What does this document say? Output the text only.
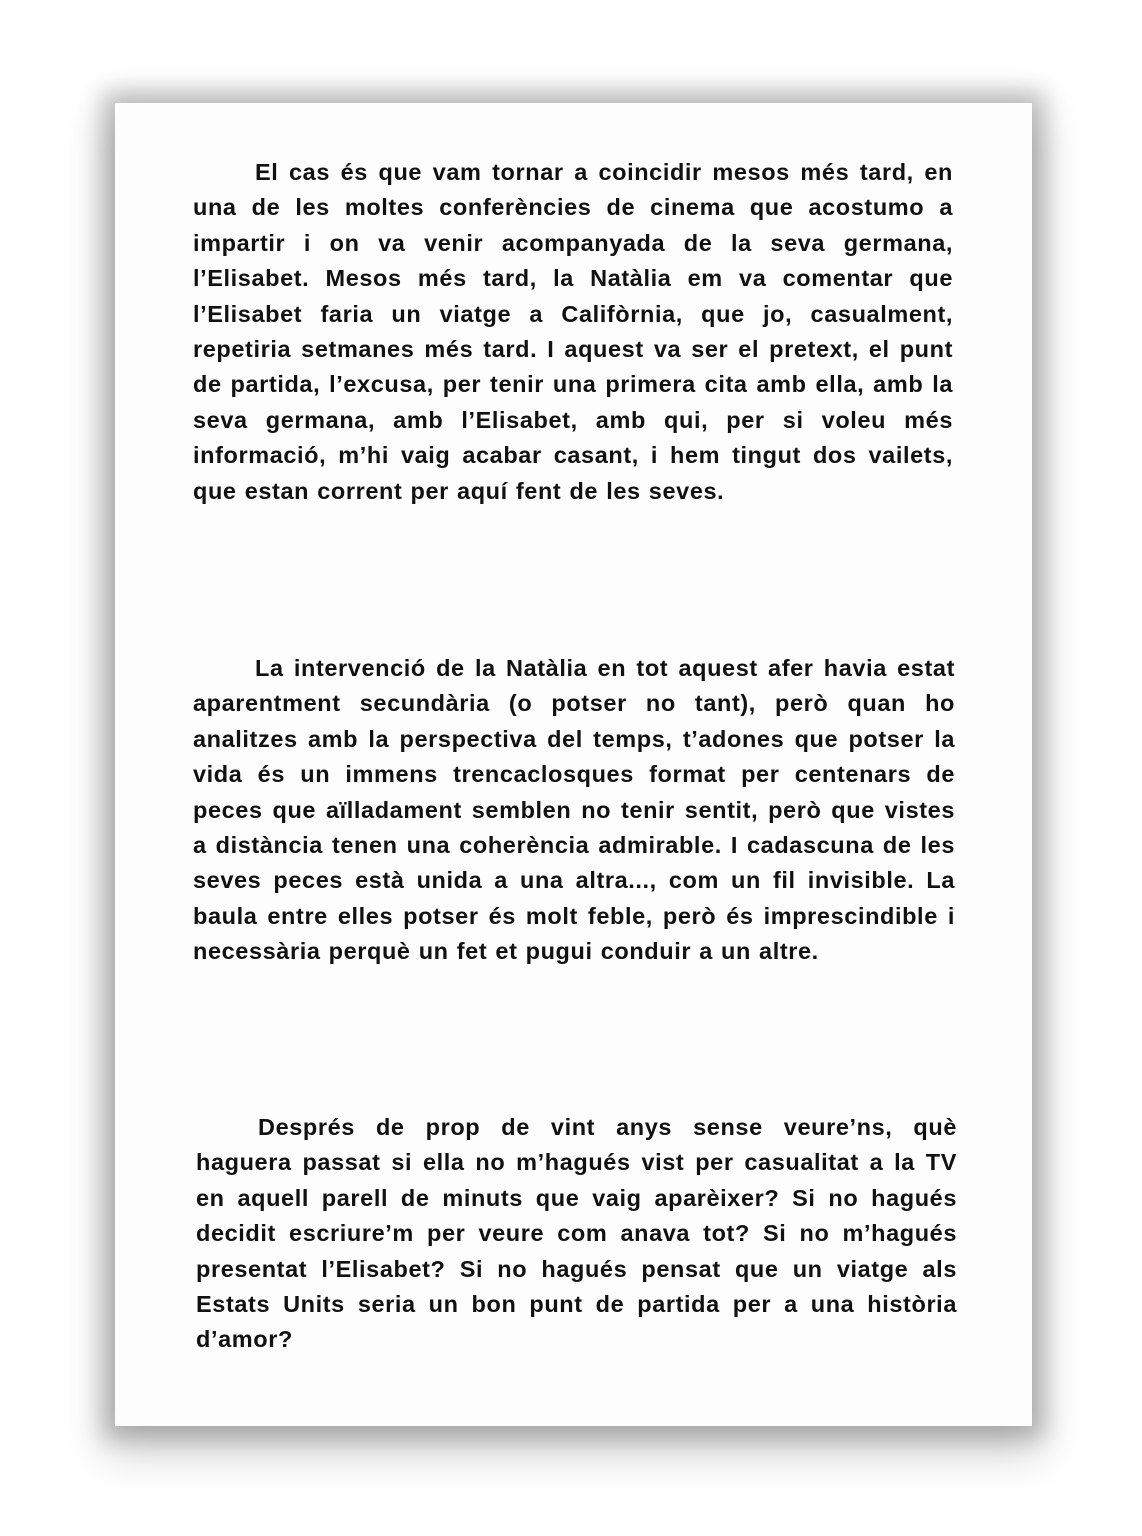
El cas és que vam tornar a coincidir mesos més tard, en una de les moltes conferències de cinema que acostumo a impartir i on va venir acompanyada de la seva germana, l’Elisabet. Mesos més tard, la Natàlia em va comentar que l’Elisabet faria un viatge a Califòrnia, que jo, casualment, repetiria setmanes més tard. I aquest va ser el pretext, el punt de partida, l’excusa, per tenir una primera cita amb ella, amb la seva germana, amb l’Elisabet, amb qui, per si voleu més informació, m’hi vaig acabar casant, i hem tingut dos vailets, que estan corrent per aquí fent de les seves.

La intervenció de la Natàlia en tot aquest afer havia estat aparentment secundària (o potser no tant), però quan ho analitzes amb la perspectiva del temps, t’adones que potser la vida és un immens trencaclosques format per centenars de peces que aïlladament semblen no tenir sentit, però que vistes a distància tenen una coherència admirable. I cadascuna de les seves peces està unida a una altra..., com un fil invisible. La baula entre elles potser és molt feble, però és imprescindible i necessària perquè un fet et pugui conduir a un altre.

Després de prop de vint anys sense veure’ns, què haguera passat si ella no m’hagués vist per casualitat a la TV en aquell parell de minuts que vaig aparèixer? Si no hagués decidit escriure’m per veure com anava tot? Si no m’hagués presentat l’Elisabet? Si no hagués pensat que un viatge als Estats Units seria un bon punt de partida per a una història d’amor?
